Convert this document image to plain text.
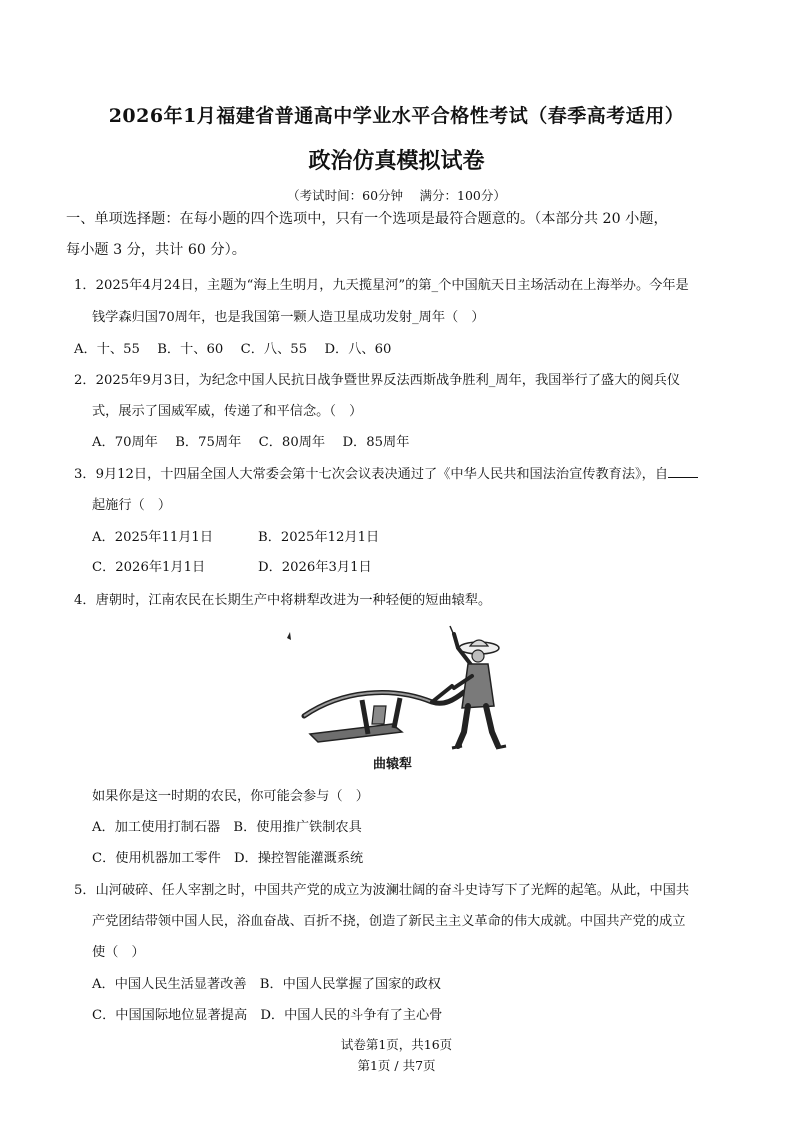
2026年1月福建省普通高中学业水平合格性考试（春季高考适用）
政治仿真模拟试卷
（考试时间：60分钟　 满分：100分）
一、单项选择题：在每小题的四个选项中，只有一个选项是最符合题意的。（本部分共 20 小题，
每小题 3 分，共计 60 分）。
1．2025年4月24日，主题为“海上生明月，九天揽星河”的第_个中国航天日主场活动在上海举办。今年是
钱学森归国70周年，也是我国第一颗人造卫星成功发射_周年（　）
A．十、55　 B．十、60　 C．八、55　 D．八、60
2．2025年9月3日，为纪念中国人民抗日战争暨世界反法西斯战争胜利_周年，我国举行了盛大的阅兵仪
式，展示了国威军威，传递了和平信念。（　）
A．70周年　 B．75周年　 C．80周年　 D．85周年
3．9月12日，十四届全国人大常委会第十七次会议表决通过了《中华人民共和国法治宣传教育法》，自
起施行（　）
A．2025年11月1日	B．2025年12月1日
C．2026年1月1日	D．2026年3月1日
4．唐朝时，江南农民在长期生产中将耕犁改进为一种轻便的短曲辕犁。
曲辕犁
如果你是这一时期的农民，你可能会参与（　）
A．加工使用打制石器　B．使用推广铁制农具
C．使用机器加工零件　D．操控智能灌溉系统
5．山河破碎、任人宰割之时，中国共产党的成立为波澜壮阔的奋斗史诗写下了光辉的起笔。从此，中国共
产党团结带领中国人民，浴血奋战、百折不挠，创造了新民主主义革命的伟大成就。中国共产党的成立
使（　）
A．中国人民生活显著改善　B．中国人民掌握了国家的政权
C．中国国际地位显著提高　D．中国人民的斗争有了主心骨
试卷第1页，共16页
第1页 / 共7页
